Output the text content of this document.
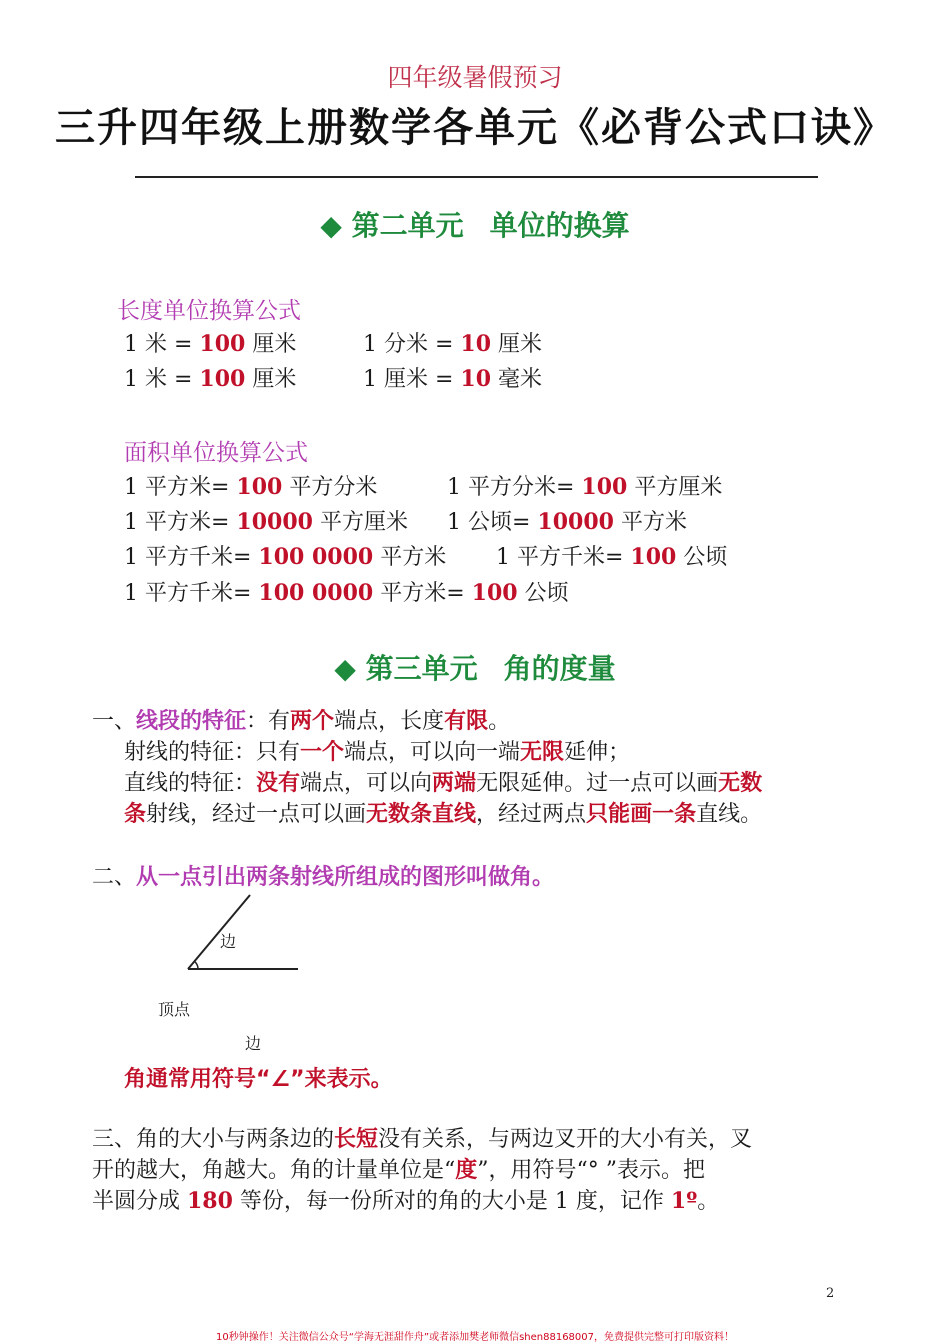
四年级暑假预习
三升四年级上册数学各单元《必背公式口诀》
◆ 第二单元 单位的换算
长度单位换算公式
1 米 = 100 厘米	1 分米 = 10 厘米
1 米 = 100 厘米	1 厘米 = 10 毫米
面积单位换算公式
1 平方米= 100 平方分米	1 平方分米= 100 平方厘米
1 平方米= 10000 平方厘米 1 公顷= 10000 平方米
1 平方千米= 100 0000 平方米 1 平方千米= 100 公顷
1 平方千米= 100 0000 平方米= 100 公顷
◆ 第三单元 角的度量
一、线段的特征：有两个端点，长度有限。
射线的特征：只有一个端点，可以向一端无限延伸；
直线的特征：没有端点，可以向两端无限延伸。过一点可以画无数
条射线，经过一点可以画无数条直线，经过两点只能画一条直线。
二、从一点引出两条射线所组成的图形叫做角。
边
顶点
边
角通常用符号“∠”来表示。
三、角的大小与两条边的长短没有关系，与两边叉开的大小有关，叉
开的越大，角越大。角的计量单位是“度”，用符号“° ”表示。把
半圆分成 180 等份，每一份所对的角的大小是 1 度，记作 1º。
2
10秒钟操作！关注微信公众号“学海无涯甜作舟”或者添加樊老师微信shen88168007，免费提供完整可打印版资料！
